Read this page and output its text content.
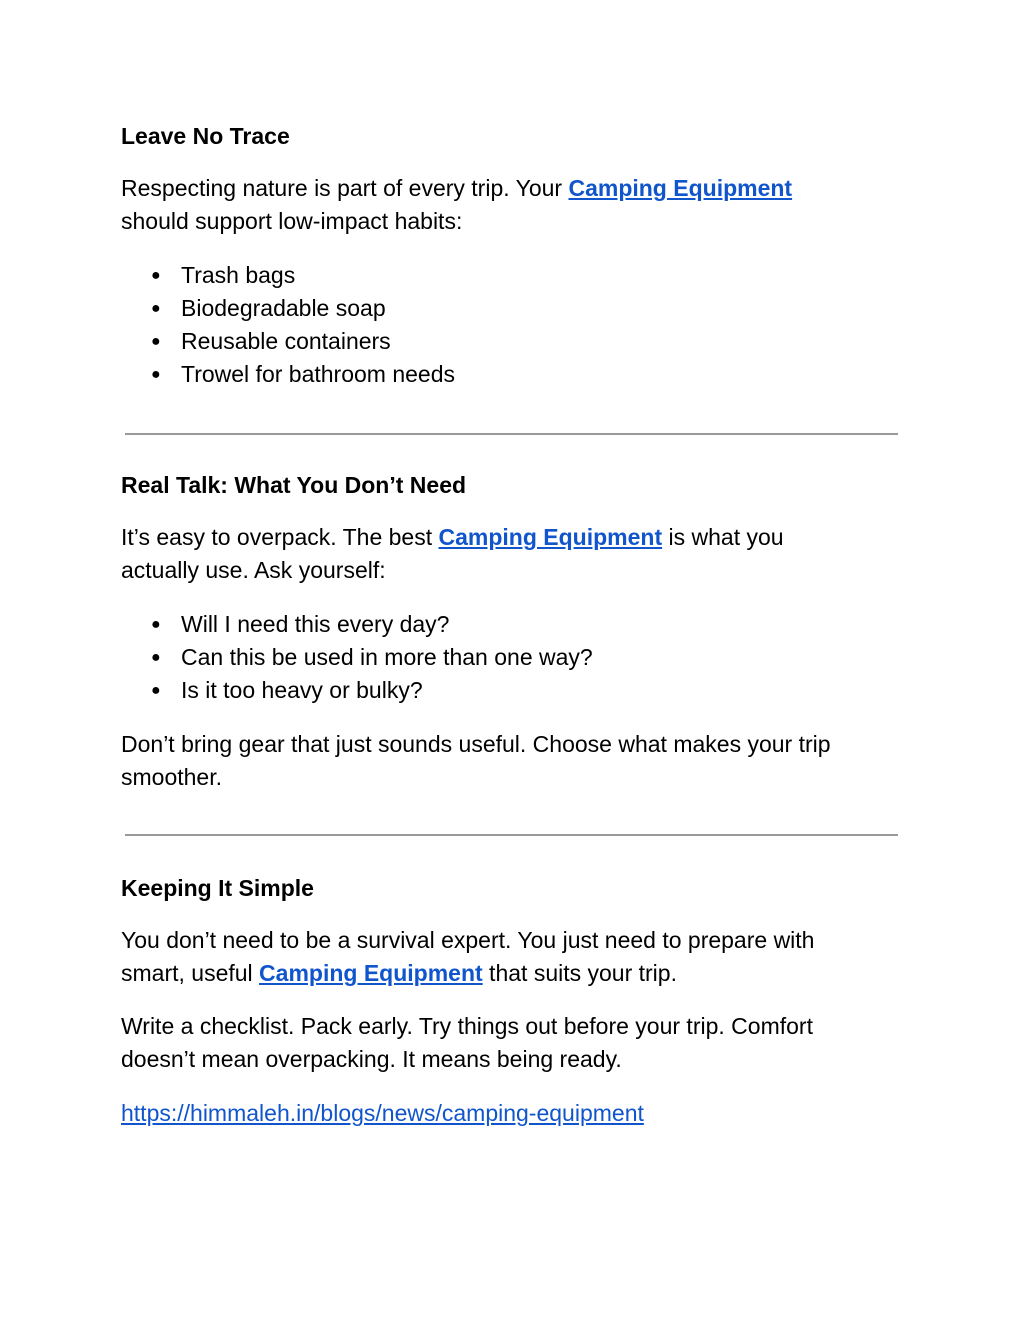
Leave No Trace

Respecting nature is part of every trip. Your Camping Equipment
should support low-impact habits:

● Trash bags
● Biodegradable soap
● Reusable containers
● Trowel for bathroom needs
Real Talk: What You Don’t Need

It’s easy to overpack. The best Camping Equipment is what you
actually use. Ask yourself:

● Will I need this every day?
● Can this be used in more than one way?
● Is it too heavy or bulky?

Don’t bring gear that just sounds useful. Choose what makes your trip
smoother.

Keeping It Simple

You don’t need to be a survival expert. You just need to prepare with
smart, useful Camping Equipment that suits your trip.

Write a checklist. Pack early. Try things out before your trip. Comfort
doesn’t mean overpacking. It means being ready.

https://himmaleh.in/blogs/news/camping-equipment
